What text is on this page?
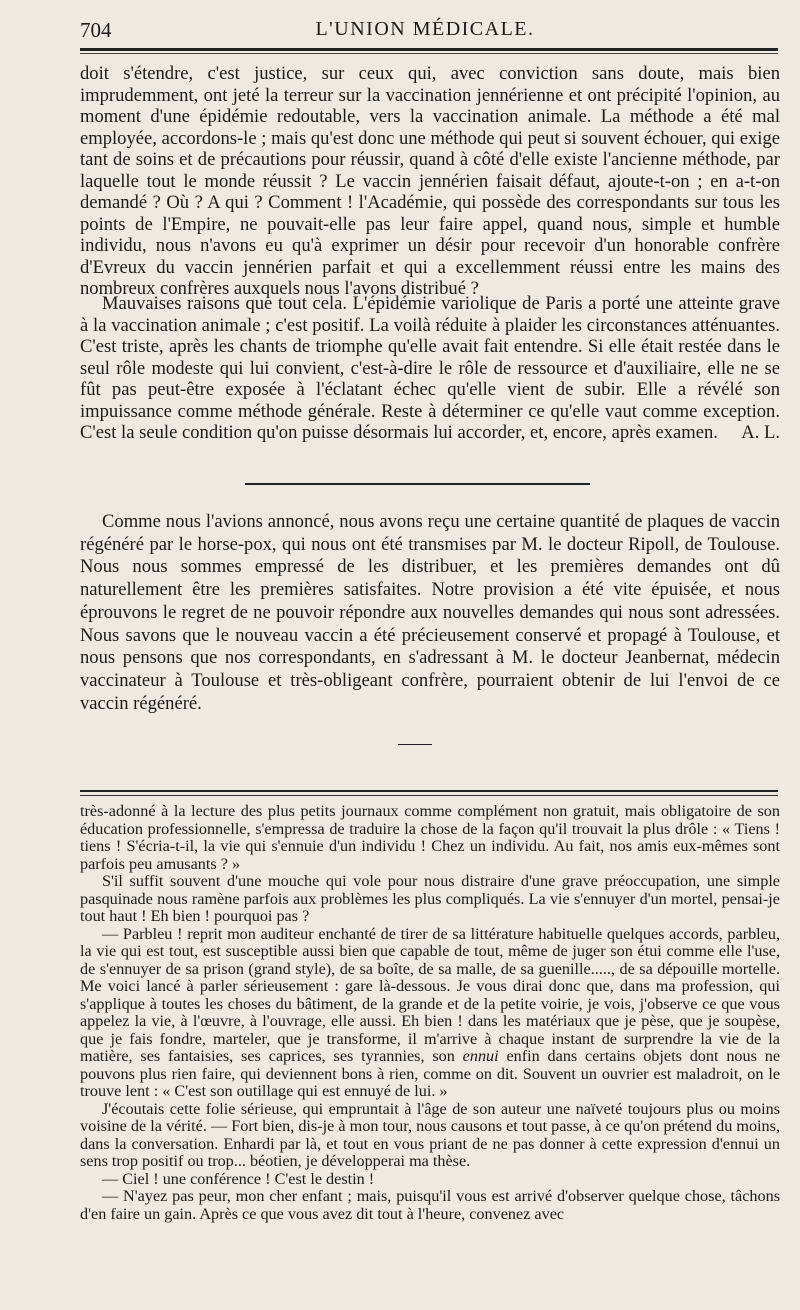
704	L'UNION MÉDICALE.

doit s'étendre, c'est justice, sur ceux qui, avec conviction sans doute, mais bien imprudemment, ont jeté la terreur sur la vaccination jennérienne et ont précipité l'opinion, au moment d'une épidémie redoutable, vers la vaccination animale. La méthode a été mal employée, accordons-le ; mais qu'est donc une méthode qui peut si souvent échouer, qui exige tant de soins et de précautions pour réussir, quand à côté d'elle existe l'ancienne méthode, par laquelle tout le monde réussit ? Le vaccin jennérien faisait défaut, ajoute-t-on ; en a-t-on demandé ? Où ? A qui ? Comment ! l'Académie, qui possède des correspondants sur tous les points de l'Empire, ne pouvait-elle pas leur faire appel, quand nous, simple et humble individu, nous n'avons eu qu'à exprimer un désir pour recevoir d'un honorable confrère d'Evreux du vaccin jennérien parfait et qui a excellemment réussi entre les mains des nombreux confrères auxquels nous l'avons distribué ?

Mauvaises raisons que tout cela. L'épidémie variolique de Paris a porté une atteinte grave à la vaccination animale ; c'est positif. La voilà réduite à plaider les circonstances atténuantes. C'est triste, après les chants de triomphe qu'elle avait fait entendre. Si elle était restée dans le seul rôle modeste qui lui convient, c'est-à-dire le rôle de ressource et d'auxiliaire, elle ne se fût pas peut-être exposée à l'éclatant échec qu'elle vient de subir. Elle a révélé son impuissance comme méthode générale. Reste à déterminer ce qu'elle vaut comme exception. C'est la seule condition qu'on puisse désormais lui accorder, et, encore, après examen.	A. L.

Comme nous l'avions annoncé, nous avons reçu une certaine quantité de plaques de vaccin régénéré par le horse-pox, qui nous ont été transmises par M. le docteur Ripoll, de Toulouse. Nous nous sommes empressé de les distribuer, et les premières demandes ont dû naturellement être les premières satisfaites. Notre provision a été vite épuisée, et nous éprouvons le regret de ne pouvoir répondre aux nouvelles demandes qui nous sont adressées. Nous savons que le nouveau vaccin a été précieusement conservé et propagé à Toulouse, et nous pensons que nos correspondants, en s'adressant à M. le docteur Jeanbernat, médecin vaccinateur à Toulouse et très-obligeant confrère, pourraient obtenir de lui l'envoi de ce vaccin régénéré.

très-adonné à la lecture des plus petits journaux comme complément non gratuit, mais obligatoire de son éducation professionnelle, s'empressa de traduire la chose de la façon qu'il trouvait la plus drôle : « Tiens ! tiens ! S'écria-t-il, la vie qui s'ennuie d'un individu ! Chez un individu. Au fait, nos amis eux-mêmes sont parfois peu amusants ? »

S'il suffit souvent d'une mouche qui vole pour nous distraire d'une grave préoccupation, une simple pasquinade nous ramène parfois aux problèmes les plus compliqués. La vie s'ennuyer d'un mortel, pensai-je tout haut ! Eh bien ! pourquoi pas ?

— Parbleu ! reprit mon auditeur enchanté de tirer de sa littérature habituelle quelques accords, parbleu, la vie qui est tout, est susceptible aussi bien que capable de tout, même de juger son étui comme elle l'use, de s'ennuyer de sa prison (grand style), de sa boîte, de sa malle, de sa guenille....., de sa dépouille mortelle. Me voici lancé à parler sérieusement : gare là-dessous. Je vous dirai donc que, dans ma profession, qui s'applique à toutes les choses du bâtiment, de la grande et de la petite voirie, je vois, j'observe ce que vous appelez la vie, à l'œuvre, à l'ouvrage, elle aussi. Eh bien ! dans les matériaux que je pèse, que je soupèse, que je fais fondre, marteler, que je transforme, il m'arrive à chaque instant de surprendre la vie de la matière, ses fantaisies, ses caprices, ses tyrannies, son ennui enfin dans certains objets dont nous ne pouvons plus rien faire, qui deviennent bons à rien, comme on dit. Souvent un ouvrier est maladroit, on le trouve lent : « C'est son outillage qui est ennuyé de lui. »

J'écoutais cette folie sérieuse, qui empruntait à l'âge de son auteur une naïveté toujours plus ou moins voisine de la vérité. — Fort bien, dis-je à mon tour, nous causons et tout passe, à ce qu'on prétend du moins, dans la conversation. Enhardi par là, et tout en vous priant de ne pas donner à cette expression d'ennui un sens trop positif ou trop... béotien, je développerai ma thèse.

— Ciel ! une conférence ! C'est le destin !

— N'ayez pas peur, mon cher enfant ; mais, puisqu'il vous est arrivé d'observer quelque chose, tâchons d'en faire un gain. Après ce que vous avez dit tout à l'heure, convenez avec
